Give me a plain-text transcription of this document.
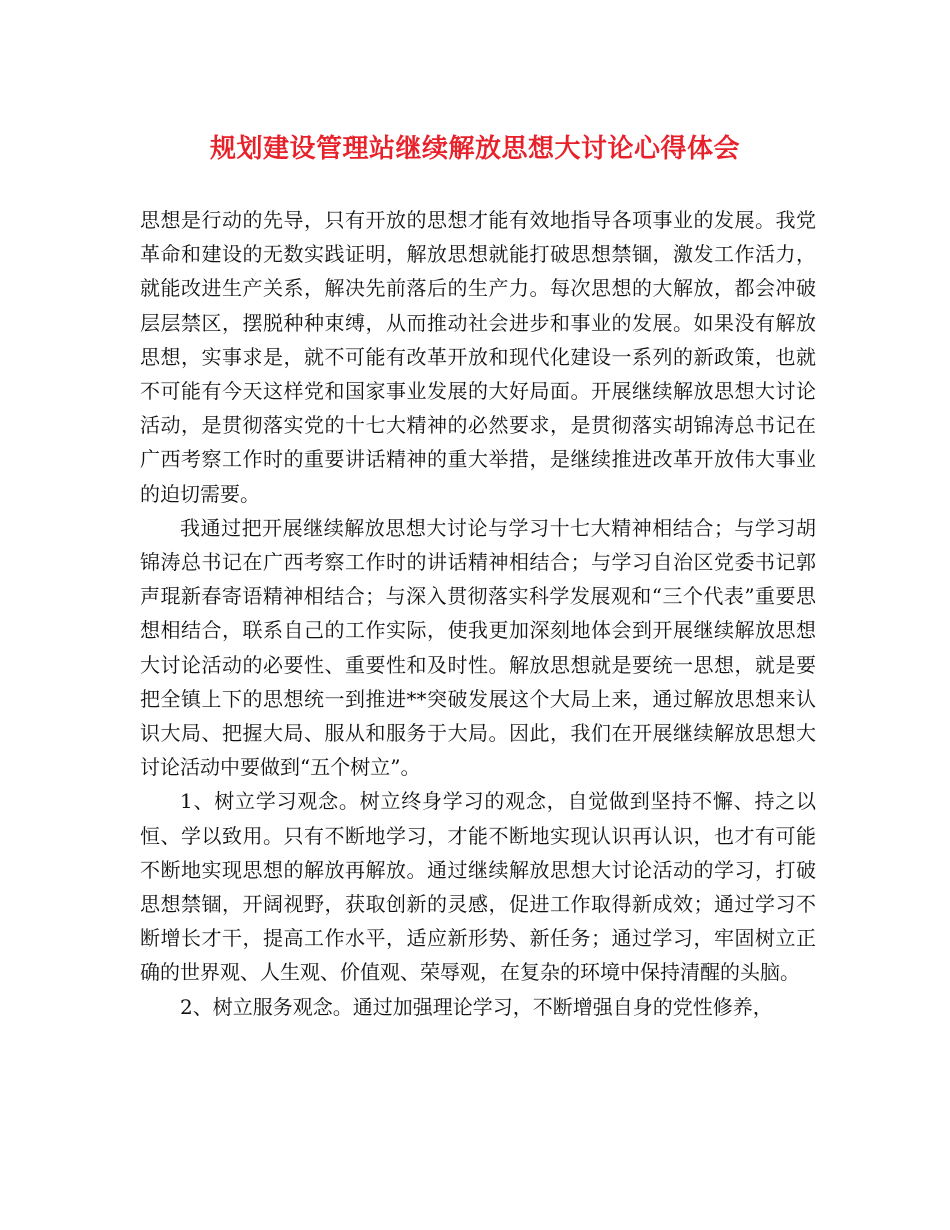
规划建设管理站继续解放思想大讨论心得体会

思想是行动的先导，只有开放的思想才能有效地指导各项事业的发展。我党革命和建设的无数实践证明，解放思想就能打破思想禁锢，激发工作活力，就能改进生产关系，解决先前落后的生产力。每次思想的大解放，都会冲破层层禁区，摆脱种种束缚，从而推动社会进步和事业的发展。如果没有解放思想，实事求是，就不可能有改革开放和现代化建设一系列的新政策，也就不可能有今天这样党和国家事业发展的大好局面。开展继续解放思想大讨论活动，是贯彻落实党的十七大精神的必然要求，是贯彻落实胡锦涛总书记在广西考察工作时的重要讲话精神的重大举措，是继续推进改革开放伟大事业的迫切需要。

我通过把开展继续解放思想大讨论与学习十七大精神相结合；与学习胡锦涛总书记在广西考察工作时的讲话精神相结合；与学习自治区党委书记郭声琨新春寄语精神相结合；与深入贯彻落实科学发展观和“三个代表”重要思想相结合，联系自己的工作实际，使我更加深刻地体会到开展继续解放思想大讨论活动的必要性、重要性和及时性。解放思想就是要统一思想，就是要把全镇上下的思想统一到推进**突破发展这个大局上来，通过解放思想来认识大局、把握大局、服从和服务于大局。因此，我们在开展继续解放思想大讨论活动中要做到“五个树立”。

1、树立学习观念。树立终身学习的观念，自觉做到坚持不懈、持之以恒、学以致用。只有不断地学习，才能不断地实现认识再认识，也才有可能不断地实现思想的解放再解放。通过继续解放思想大讨论活动的学习，打破思想禁锢，开阔视野，获取创新的灵感，促进工作取得新成效；通过学习不断增长才干，提高工作水平，适应新形势、新任务；通过学习，牢固树立正确的世界观、人生观、价值观、荣辱观，在复杂的环境中保持清醒的头脑。

2、树立服务观念。通过加强理论学习，不断增强自身的党性修养，
